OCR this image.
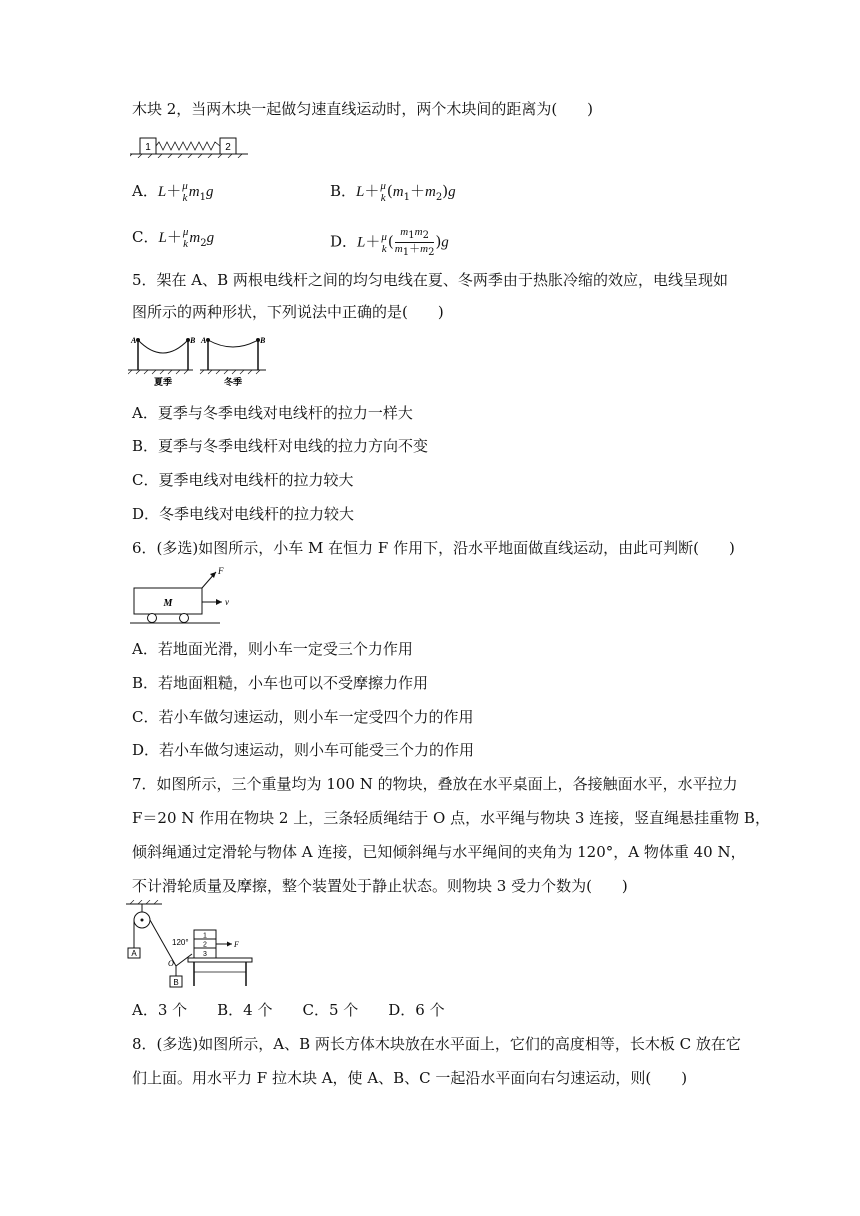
木块 2，当两木块一起做匀速直线运动时，两个木块间的距离为(　　)
1	2
A．L＋ μ
k $m_1g$	B．L＋ μ
k $(m_1+m_2)g$
C．L＋ μ
k $m_2g$	D．L＋ μ
k ( $\frac{m_1m_2}{m_1+m_2} )g$
5．架在 A、B 两根电线杆之间的均匀电线在夏、冬两季由于热胀冷缩的效应，电线呈现如
图所示的两种形状，下列说法中正确的是(　　)
A	B
夏季
A	B
冬季
A．夏季与冬季电线对电线杆的拉力一样大
B．夏季与冬季电线杆对电线的拉力方向不变
C．夏季电线对电线杆的拉力较大
D．冬季电线对电线杆的拉力较大
6．(多选)如图所示，小车 M 在恒力 F 作用下，沿水平地面做直线运动，由此可判断(　　)
M
F
v
A．若地面光滑，则小车一定受三个力作用
B．若地面粗糙，小车也可以不受摩擦力作用
C．若小车做匀速运动，则小车一定受四个力的作用
D．若小车做匀速运动，则小车可能受三个力的作用
7．如图所示，三个重量均为 100 N 的物块，叠放在水平桌面上，各接触面水平，水平拉力
F＝20 N 作用在物块 2 上，三条轻质绳结于 O 点，水平绳与物块 3 连接，竖直绳悬挂重物 B，
倾斜绳通过定滑轮与物体 A 连接，已知倾斜绳与水平绳间的夹角为 120°，A 物体重 40 N，
不计滑轮质量及摩擦，整个装置处于静止状态。则物块 3 受力个数为(　　)
A
O
B
120°
1
2
3
F
A．3 个　　B．4 个　　C．5 个　　D．6 个
8．(多选)如图所示，A、B 两长方体木块放在水平面上，它们的高度相等，长木板 C 放在它
们上面。用水平力 F 拉木块 A，使 A、B、C 一起沿水平面向右匀速运动，则(　　)
